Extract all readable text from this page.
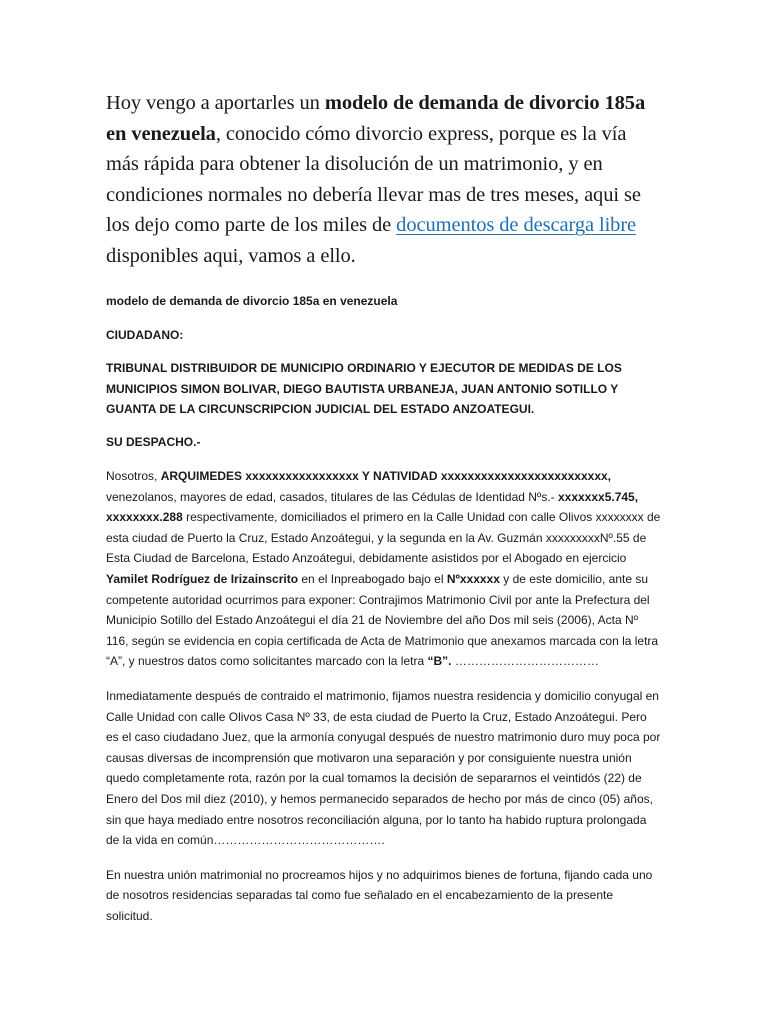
Hoy vengo a aportarles un modelo de demanda de divorcio 185a en venezuela, conocido cómo divorcio express, porque es la vía más rápida para obtener la disolución de un matrimonio, y en condiciones normales no debería llevar mas de tres meses, aqui se los dejo como parte de los miles de documentos de descarga libre disponibles aqui, vamos a ello.

modelo de demanda de divorcio 185a en venezuela

CIUDADANO:

TRIBUNAL DISTRIBUIDOR DE MUNICIPIO ORDINARIO Y EJECUTOR DE MEDIDAS DE LOS MUNICIPIOS SIMON BOLIVAR, DIEGO BAUTISTA URBANEJA, JUAN ANTONIO SOTILLO Y GUANTA DE LA CIRCUNSCRIPCION JUDICIAL DEL ESTADO ANZOATEGUI.

SU DESPACHO.-

Nosotros, ARQUIMEDES xxxxxxxxxxxxxxxxx Y NATIVIDAD xxxxxxxxxxxxxxxxxxxxxxxxx, venezolanos, mayores de edad, casados, titulares de las Cédulas de Identidad Nºs.- xxxxxxx5.745, xxxxxxxx.288 respectivamente, domiciliados el primero en la Calle Unidad con calle Olivos xxxxxxxx de esta ciudad de Puerto la Cruz, Estado Anzoátegui, y la segunda en la Av. Guzmán xxxxxxxxxNº.55 de Esta Ciudad de Barcelona, Estado Anzoátegui, debidamente asistidos por el Abogado en ejercicio Yamilet Rodríguez de Irizainscrito en el Inpreabogado bajo el Nºxxxxxx y de este domicilio, ante su competente autoridad ocurrimos para exponer: Contrajimos Matrimonio Civil por ante la Prefectura del Municipio Sotillo del Estado Anzoátegui el día 21 de Noviembre del año Dos mil seis (2006), Acta Nº 116, según se evidencia en copia certificada de Acta de Matrimonio que anexamos marcada con la letra “A”, y nuestros datos como solicitantes marcado con la letra “B”. ………………………………

Inmediatamente después de contraido el matrimonio, fijamos nuestra residencia y domicilio conyugal en Calle Unidad con calle Olivos Casa Nº 33, de esta ciudad de Puerto la Cruz, Estado Anzoátegui. Pero es el caso ciudadano Juez, que la armonía conyugal después de nuestro matrimonio duro muy poca por causas diversas de incomprensión que motivaron una separación y por consiguiente nuestra unión quedo completamente rota, razón por la cual tomamos la decisión de separarnos el veintidós (22) de Enero del Dos mil diez (2010), y hemos permanecido separados de hecho por más de cinco (05) años, sin que haya mediado entre nosotros reconciliación alguna, por lo tanto ha habido ruptura prolongada de la vida en común…………………………………….

En nuestra unión matrimonial no procreamos hijos y no adquirimos bienes de fortuna, fijando cada uno de nosotros residencias separadas tal como fue señalado en el encabezamiento de la presente solicitud.
